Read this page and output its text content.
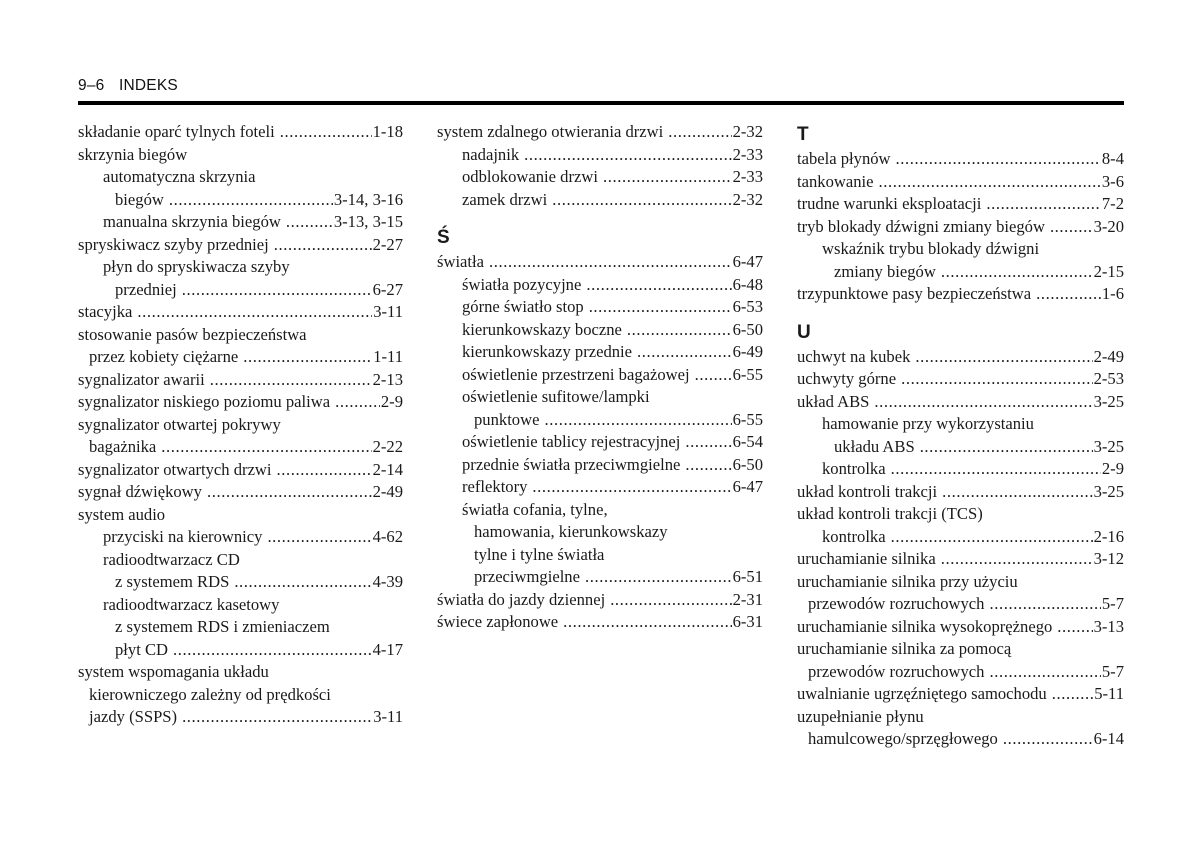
9–6 INDEKS
składanie oparć tylnych foteli .....	1-18
skrzynia biegów
automatyczna skrzynia
biegów .....	3-14, 3-16
manualna skrzynia biegów .....	3-13, 3-15
spryskiwacz szyby przedniej .....	2-27
płyn do spryskiwacza szyby
przedniej .....	6-27
stacyjka .....	3-11
stosowanie pasów bezpieczeństwa
przez kobiety ciężarne .....	1-11
sygnalizator awarii .....	2-13
sygnalizator niskiego poziomu paliwa .....	2-9
sygnalizator otwartej pokrywy
bagażnika .....	2-22
sygnalizator otwartych drzwi .....	2-14
sygnał dźwiękowy .....	2-49
system audio
przyciski na kierownicy .....	4-62
radioodtwarzacz CD
z systemem RDS .....	4-39
radioodtwarzacz kasetowy
z systemem RDS i zmieniaczem
płyt CD .....	4-17
system wspomagania układu
kierowniczego zależny od prędkości
jazdy (SSPS) .....	3-11
system zdalnego otwierania drzwi .....	2-32
nadajnik .....	2-33
odblokowanie drzwi .....	2-33
zamek drzwi .....	2-32
Ś
światła .....	6-47
światła pozycyjne .....	6-48
górne światło stop .....	6-53
kierunkowskazy boczne .....	6-50
kierunkowskazy przednie .....	6-49
oświetlenie przestrzeni bagażowej .....	6-55
oświetlenie sufitowe/lampki
punktowe .....	6-55
oświetlenie tablicy rejestracyjnej .....	6-54
przednie światła przeciwmgielne .....	6-50
reflektory .....	6-47
światła cofania, tylne,
hamowania, kierunkowskazy
tylne i tylne światła
przeciwmgielne .....	6-51
światła do jazdy dziennej .....	2-31
świece zapłonowe .....	6-31
T
tabela płynów .....	8-4
tankowanie .....	3-6
trudne warunki eksploatacji .....	7-2
tryb blokady dźwigni zmiany biegów .....	3-20
wskaźnik trybu blokady dźwigni
zmiany biegów .....	2-15
trzypunktowe pasy bezpieczeństwa .....	1-6
U
uchwyt na kubek .....	2-49
uchwyty górne .....	2-53
układ ABS .....	3-25
hamowanie przy wykorzystaniu
układu ABS .....	3-25
kontrolka .....	2-9
układ kontroli trakcji .....	3-25
układ kontroli trakcji (TCS)
kontrolka .....	2-16
uruchamianie silnika .....	3-12
uruchamianie silnika przy użyciu
przewodów rozruchowych .....	5-7
uruchamianie silnika wysokoprężnego ..... 3-13
uruchamianie silnika za pomocą
przewodów rozruchowych .....	5-7
uwalnianie ugrzęźniętego samochodu .....	5-11
uzupełnianie płynu
hamulcowego/sprzęgłowego .....	6-14
